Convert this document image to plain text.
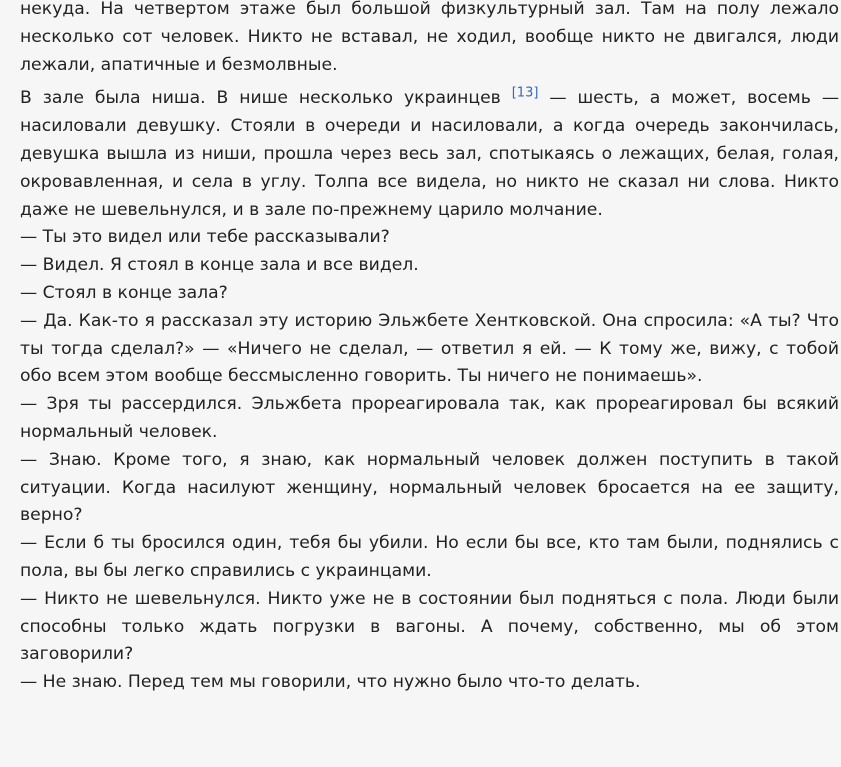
некуда. На четвертом этаже был большой физкультурный зал. Там на полу лежало несколько сот человек. Никто не вставал, не ходил, вообще никто не двигался, люди лежали, апатичные и безмолвные.

В зале была ниша. В нише несколько украинцев [13] — шесть, а может, восемь — насиловали девушку. Стояли в очереди и насиловали, а когда очередь закончилась, девушка вышла из ниши, прошла через весь зал, спотыкаясь о лежащих, белая, голая, окровавленная, и села в углу. Толпа все видела, но никто не сказал ни слова. Никто даже не шевельнулся, и в зале по-прежнему царило молчание.

— Ты это видел или тебе рассказывали?

— Видел. Я стоял в конце зала и все видел.

— Стоял в конце зала?

— Да. Как-то я рассказал эту историю Эльжбете Хентковской. Она спросила: «А ты? Что ты тогда сделал?» — «Ничего не сделал, — ответил я ей. — К тому же, вижу, с тобой обо всем этом вообще бессмысленно говорить. Ты ничего не понимаешь».

— Зря ты рассердился. Эльжбета прореагировала так, как прореагировал бы всякий нормальный человек.

— Знаю. Кроме того, я знаю, как нормальный человек должен поступить в такой ситуации. Когда насилуют женщину, нормальный человек бросается на ее защиту, верно?

— Если б ты бросился один, тебя бы убили. Но если бы все, кто там были, поднялись с пола, вы бы легко справились с украинцами.

— Никто не шевельнулся. Никто уже не в состоянии был подняться с пола. Люди были способны только ждать погрузки в вагоны. А почему, собственно, мы об этом заговорили?

— Не знаю. Перед тем мы говорили, что нужно было что-то делать.
